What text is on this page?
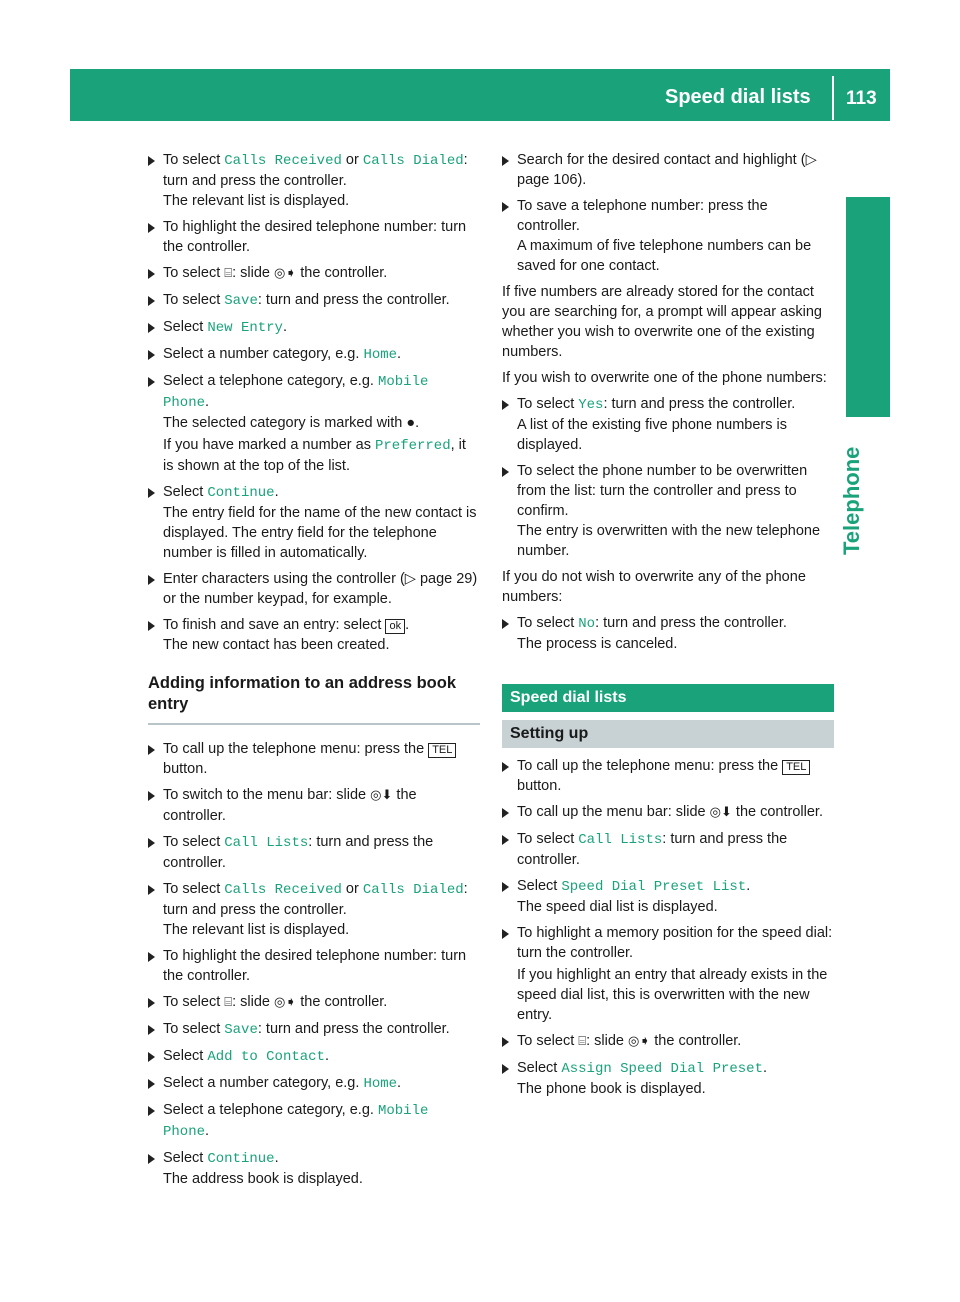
Speed dial lists 113
Telephone
To select Calls Received or Calls Dialed:
turn and press the controller.
The relevant list is displayed.
To highlight the desired telephone number: turn the controller.
To select ⌸: slide ◎➧ the controller.
To select Save: turn and press the controller.
Select New Entry.
Select a number category, e.g. Home.
Select a telephone category, e.g. Mobile Phone.
The selected category is marked with ●.
If you have marked a number as Preferred, it is shown at the top of the list.
Select Continue.
The entry field for the name of the new contact is displayed. The entry field for the telephone number is filled in automatically.
Enter characters using the controller (▷ page 29) or the number keypad, for example.
To finish and save an entry: select ok .
The new contact has been created.
Adding information to an address book entry
To call up the telephone menu: press the TEL button.
To switch to the menu bar: slide ◎⬇ the controller.
To select Call Lists: turn and press the controller.
To select Calls Received or Calls Dialed:
turn and press the controller.
The relevant list is displayed.
To highlight the desired telephone number: turn the controller.
To select ⌸: slide ◎➧ the controller.
To select Save: turn and press the controller.
Select Add to Contact.
Select a number category, e.g. Home.
Select a telephone category, e.g. Mobile Phone.
Select Continue.
The address book is displayed.
Search for the desired contact and highlight (▷ page 106).
To save a telephone number: press the controller.
A maximum of five telephone numbers can be saved for one contact.
If five numbers are already stored for the contact you are searching for, a prompt will appear asking whether you wish to overwrite one of the existing numbers.
If you wish to overwrite one of the phone numbers:
To select Yes: turn and press the controller.
A list of the existing five phone numbers is displayed.
To select the phone number to be overwritten from the list: turn the controller and press to confirm.
The entry is overwritten with the new telephone number.
If you do not wish to overwrite any of the phone numbers:
To select No: turn and press the controller.
The process is canceled.
Speed dial lists
Setting up
To call up the telephone menu: press the TEL button.
To call up the menu bar: slide ◎⬇ the controller.
To select Call Lists: turn and press the controller.
Select Speed Dial Preset List.
The speed dial list is displayed.
To highlight a memory position for the speed dial: turn the controller.
If you highlight an entry that already exists in the speed dial list, this is overwritten with the new entry.
To select ⌸: slide ◎➧ the controller.
Select Assign Speed Dial Preset.
The phone book is displayed.
